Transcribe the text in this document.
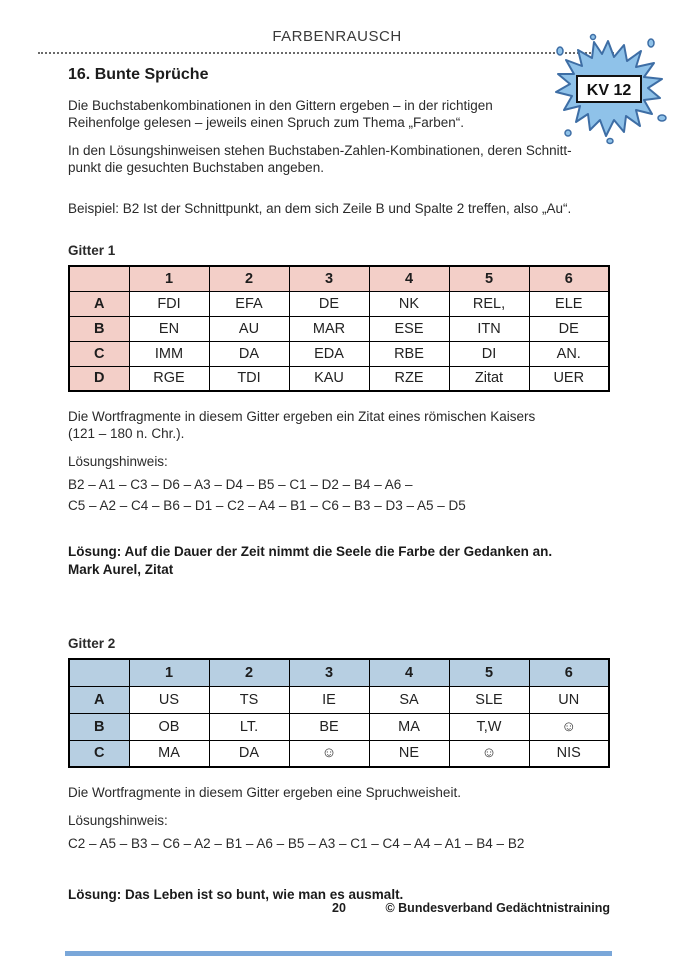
FARBENRAUSCH
KV 12
16. Bunte Sprüche

Die Buchstabenkombinationen in den Gittern ergeben – in der richtigen
Reihenfolge gelesen – jeweils einen Spruch zum Thema „Farben“.

In den Lösungshinweisen stehen Buchstaben-Zahlen-Kombinationen, deren Schnitt-
punkt die gesuchten Buchstaben angeben.

Beispiel: B2 Ist der Schnittpunkt, an dem sich Zeile B und Spalte 2 treffen, also „Au“.

Gitter 1
	1	2	3	4	5	6
A	FDI	EFA	DE	NK	REL,	ELE
B	EN	AU	MAR	ESE	ITN	DE
C	IMM	DA	EDA	RBE	DI	AN.
D	RGE	TDI	KAU	RZE	Zitat	UER

Die Wortfragmente in diesem Gitter ergeben ein Zitat eines römischen Kaisers
(121 – 180 n. Chr.).

Lösungshinweis:

B2 – A1 – C3 – D6 – A3 – D4 – B5 – C1 – D2 – B4 – A6 –
C5 – A2 – C4 – B6 – D1 – C2 – A4 – B1 – C6 – B3 – D3 – A5 – D5

Lösung: Auf die Dauer der Zeit nimmt die Seele die Farbe der Gedanken an.
Mark Aurel, Zitat

Gitter 2
	1	2	3	4	5	6
A	US	TS	IE	SA	SLE	UN
B	OB	LT.	BE	MA	T,W	☺
C	MA	DA	☺	NE	☺	NIS

Die Wortfragmente in diesem Gitter ergeben eine Spruchweisheit.

Lösungshinweis:

C2 – A5 – B3 – C6 – A2 – B1 – A6 – B5 – A3 – C1 – C4 – A4 – A1 – B4 – B2

Lösung: Das Leben ist so bunt, wie man es ausmalt.

20	© Bundesverband Gedächtnistraining
